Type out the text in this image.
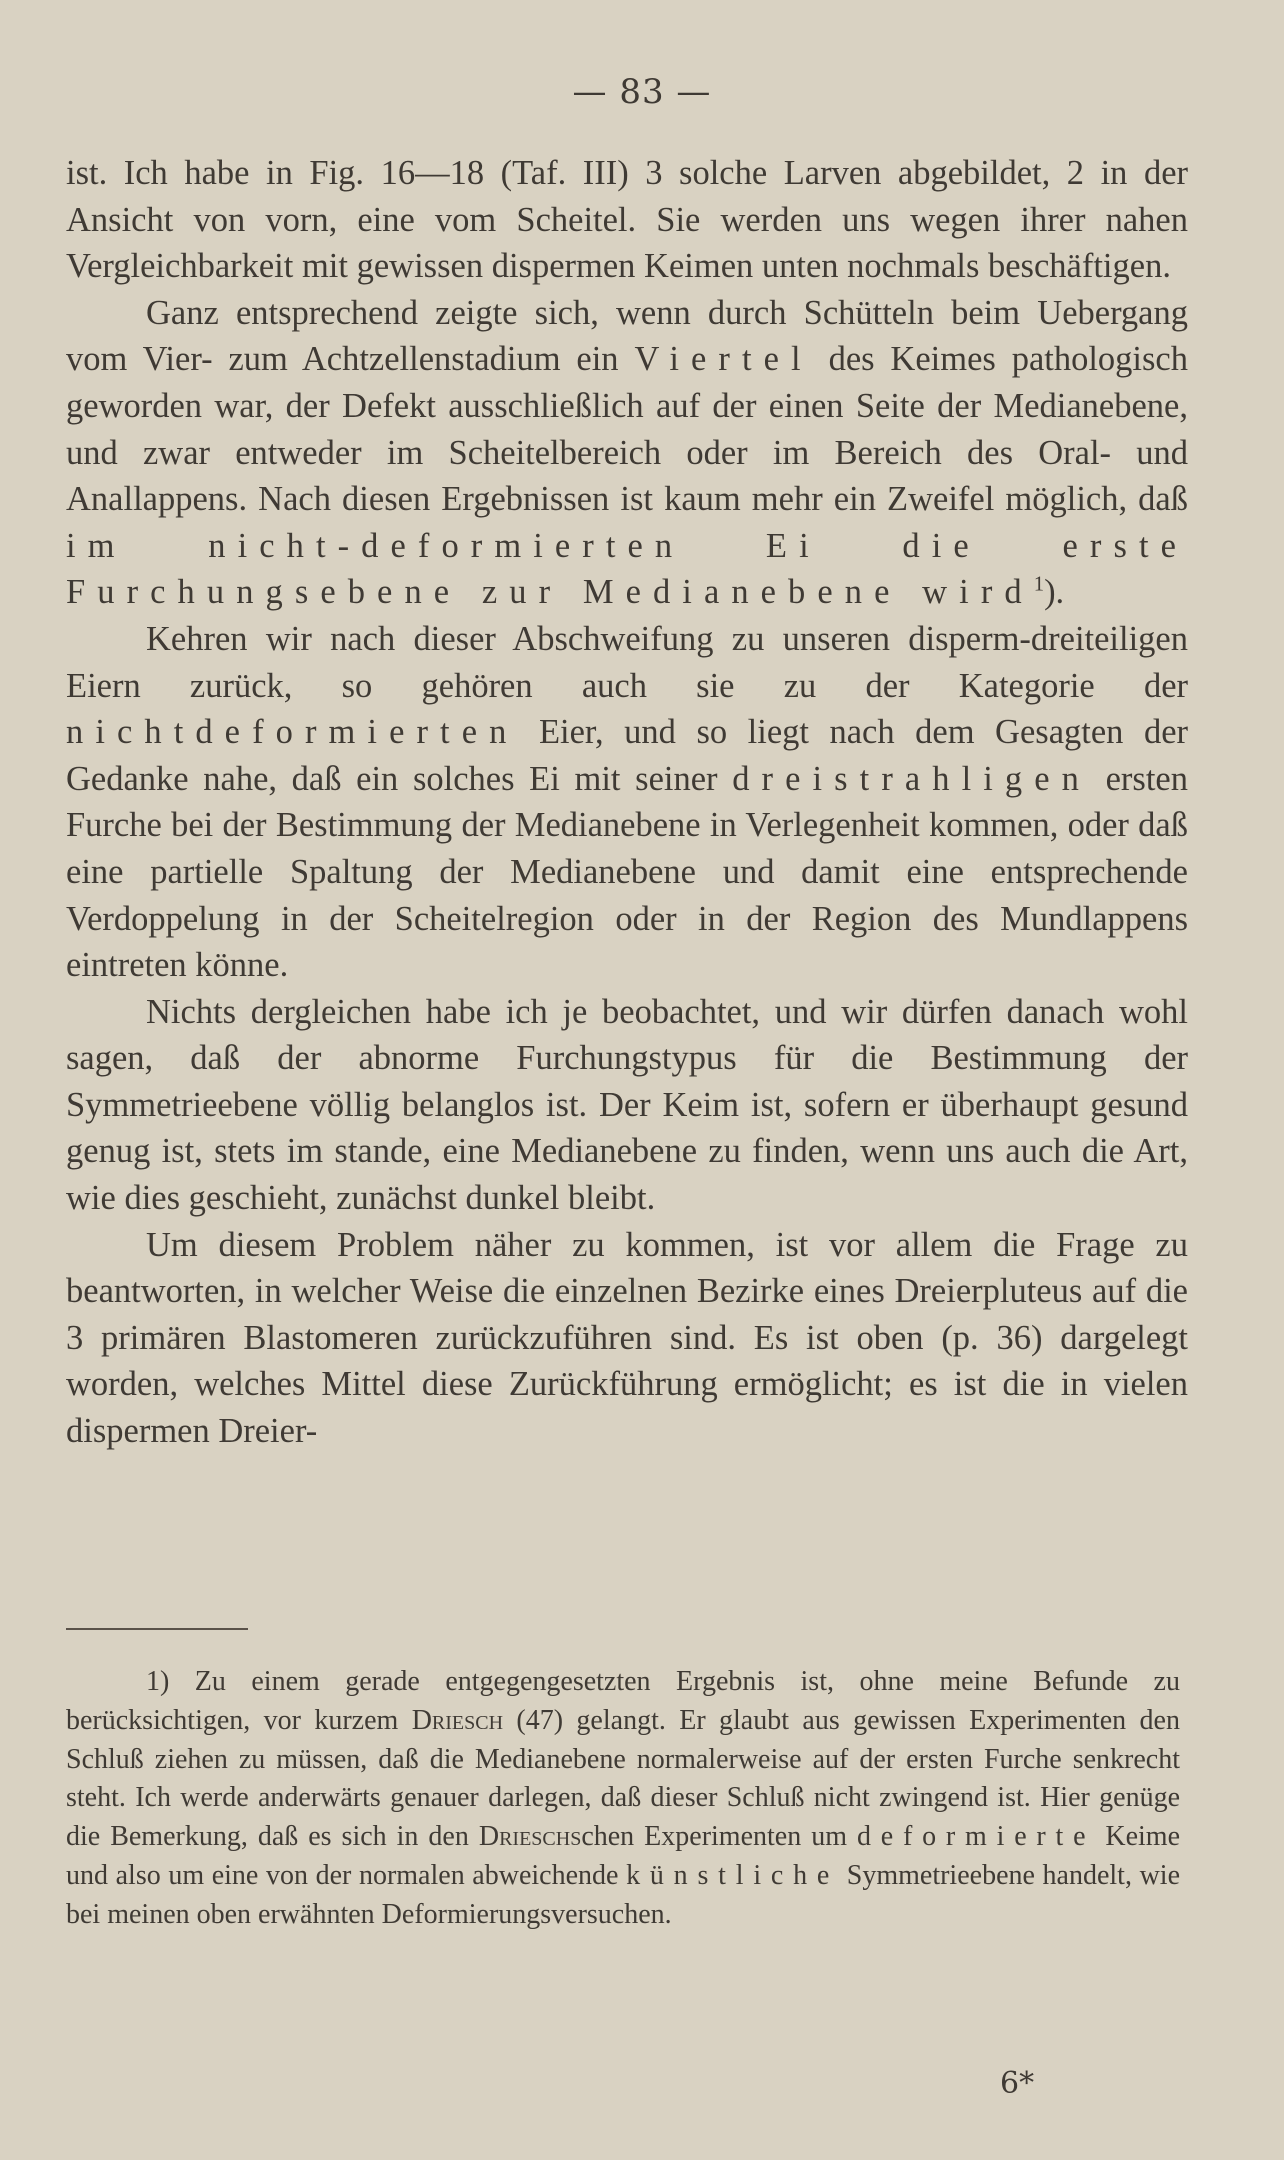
— 83 —

ist. Ich habe in Fig. 16—18 (Taf. III) 3 solche Larven abgebildet, 2 in der Ansicht von vorn, eine vom Scheitel. Sie werden uns wegen ihrer nahen Vergleichbarkeit mit gewissen dispermen Keimen unten nochmals beschäftigen.

Ganz entsprechend zeigte sich, wenn durch Schütteln beim Uebergang vom Vier- zum Achtzellenstadium ein Viertel des Keimes pathologisch geworden war, der Defekt ausschließlich auf der einen Seite der Medianebene, und zwar entweder im Scheitelbereich oder im Bereich des Oral- und Anallappens. Nach diesen Ergebnissen ist kaum mehr ein Zweifel möglich, daß im nicht-deformierten Ei die erste Furchungsebene zur Medianebene wird$^1$).

Kehren wir nach dieser Abschweifung zu unseren disperm-dreiteiligen Eiern zurück, so gehören auch sie zu der Kategorie der nichtdeformierten Eier, und so liegt nach dem Gesagten der Gedanke nahe, daß ein solches Ei mit seiner dreistrahligen ersten Furche bei der Bestimmung der Medianebene in Verlegenheit kommen, oder daß eine partielle Spaltung der Medianebene und damit eine entsprechende Verdoppelung in der Scheitelregion oder in der Region des Mundlappens eintreten könne.

Nichts dergleichen habe ich je beobachtet, und wir dürfen danach wohl sagen, daß der abnorme Furchungstypus für die Bestimmung der Symmetrieebene völlig belanglos ist. Der Keim ist, sofern er überhaupt gesund genug ist, stets im stande, eine Medianebene zu finden, wenn uns auch die Art, wie dies geschieht, zunächst dunkel bleibt.

Um diesem Problem näher zu kommen, ist vor allem die Frage zu beantworten, in welcher Weise die einzelnen Bezirke eines Dreierpluteus auf die 3 primären Blastomeren zurückzuführen sind. Es ist oben (p. 36) dargelegt worden, welches Mittel diese Zurückführung ermöglicht; es ist die in vielen dispermen Dreier-

1) Zu einem gerade entgegengesetzten Ergebnis ist, ohne meine Befunde zu berücksichtigen, vor kurzem Driesch (47) gelangt. Er glaubt aus gewissen Experimenten den Schluß ziehen zu müssen, daß die Medianebene normalerweise auf der ersten Furche senkrecht steht. Ich werde anderwärts genauer darlegen, daß dieser Schluß nicht zwingend ist. Hier genüge die Bemerkung, daß es sich in den Drieschschen Experimenten um deformierte Keime und also um eine von der normalen abweichende künstliche Symmetrieebene handelt, wie bei meinen oben erwähnten Deformierungsversuchen.
6*
